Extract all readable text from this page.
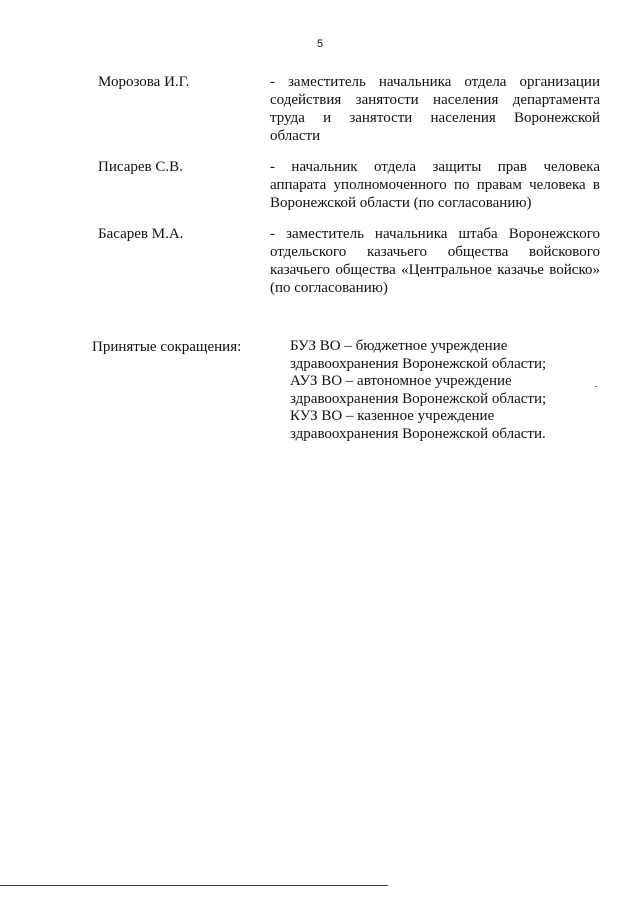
5
Морозова И.Г.	- заместитель начальника отдела организации
содействия занятости населения департамента
труда и занятости населения Воронежской
области
Писарев С.В.	- начальник отдела защиты прав человека
аппарата уполномоченного по правам человека в
Воронежской области (по согласованию)
Басарев М.А.	- заместитель начальника штаба Воронежского
отдельского казачьего общества войскового
казачьего общества «Центральное казачье войско»
(по согласованию)
Принятые сокращения:	БУЗ ВО – бюджетное учреждение
здравоохранения Воронежской области;
АУЗ ВО – автономное учреждение
здравоохранения Воронежской области;
КУЗ ВО – казенное учреждение
здравоохранения Воронежской области.
